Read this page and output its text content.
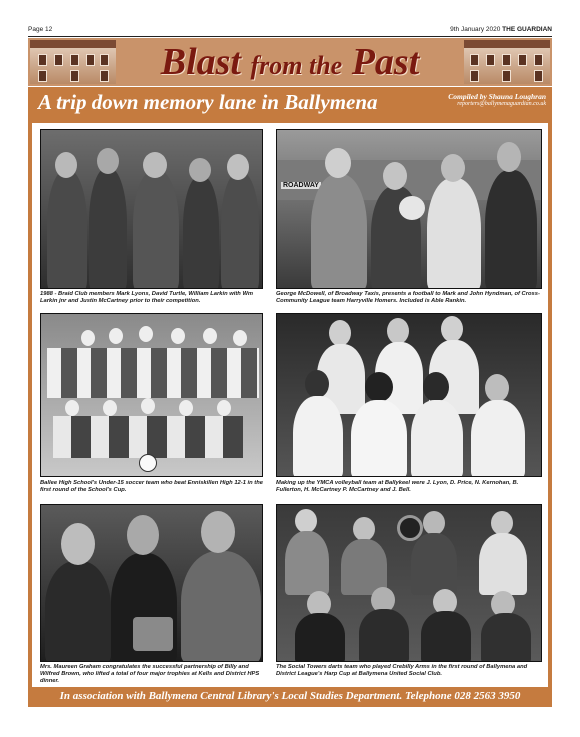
Page 12	9th January 2020 THE GUARDIAN
Blast from the Past
A trip down memory lane in Ballymena	Compiled by Shauna Loughran
reporters@ballymenaguardian.co.uk
1988 - Braid Club members Mark Lyons, David Turtle, William Larkin with Wm Larkin jnr and Justin McCartney prior to their competition.
ROADWAY
George McDowell, of Broadway Taxis, presents a football to Mark and John Hyndman, of Cross-Community League team Harryville Homers. Included is Able Rankin.
Ballee High School's Under-15 soccer team who beat Enniskillen High 12-1 in the first round of the School's Cup.
Making up the YMCA volleyball team at Ballykeel were J. Lyon, D. Price, N. Kernohan, B. Fullerton, H. McCartney P. McCartney and J. Bell.
Mrs. Maureen Graham congratulates the successful partnership of Billy and Wilfred Brown, who lifted a total of four major trophies at Kells and District HPS dinner.
The Social Towers darts team who played Crebilly Arms in the first round of Ballymena and District League's Harp Cup at Ballymena United Social Club.
In association with Ballymena Central Library's Local Studies Department. Telephone 028 2563 3950
